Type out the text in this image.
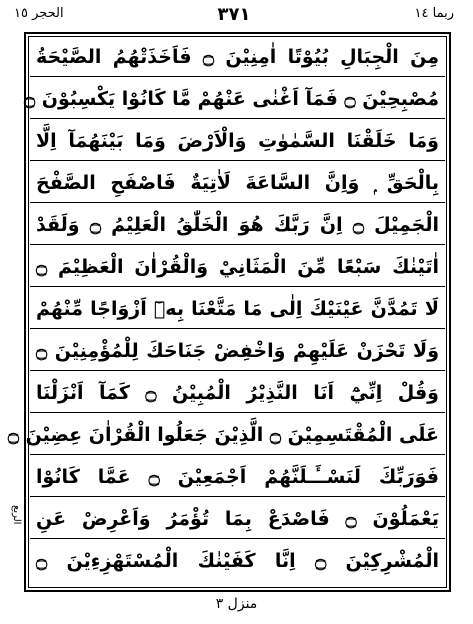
الحجر ١٥	٣٧١	ربما ١٤
مِنَ الْجِبَالِ بُيُوْتًا اٰمِنِيْنَ ۝ فَاَخَذَتْهُمُ الصَّيْحَةُ
مُصْبِحِيْنَ ۝ فَمَآ اَغْنٰى عَنْهُمْ مَّا كَانُوْا يَكْسِبُوْنَ ۝
وَمَا خَلَقْنَا السَّمٰوٰتِ وَالْاَرْضَ وَمَا بَيْنَهُمَآ اِلَّا
بِالْحَقِّ ۭ وَاِنَّ السَّاعَةَ لَاٰتِيَةٌ فَاصْفَحِ الصَّفْحَ
الْجَمِيْلَ ۝ اِنَّ رَبَّكَ هُوَ الْخَلّٰقُ الْعَلِيْمُ ۝ وَلَقَدْ
اٰتَيْنٰكَ سَبْعًا مِّنَ الْمَثَانِيْ وَالْقُرْاٰنَ الْعَظِيْمَ ۝
لَا تَمُدَّنَّ عَيْنَيْكَ اِلٰى مَا مَتَّعْنَا بِهٖٓ اَزْوَاجًا مِّنْهُمْ
وَلَا تَحْزَنْ عَلَيْهِمْ وَاخْفِضْ جَنَاحَكَ لِلْمُؤْمِنِيْنَ ۝
وَقُلْ اِنِّيْٓ اَنَا النَّذِيْرُ الْمُبِيْنُ ۝ كَمَآ اَنْزَلْنَا
عَلَى الْمُقْتَسِمِيْنَ ۝ الَّذِيْنَ جَعَلُوا الْقُرْاٰنَ عِضِيْنَ ۝
فَوَرَبِّكَ لَنَسْــَٔـلَنَّهُمْ اَجْمَعِيْنَ ۝ عَمَّا كَانُوْا
يَعْمَلُوْنَ ۝ فَاصْدَعْ بِمَا تُؤْمَرُ وَاَعْرِضْ عَنِ
الْمُشْرِكِيْنَ ۝ اِنَّا كَفَيْنٰكَ الْمُسْتَهْزِءِيْنَ ۝
الربع
منزل ٣
